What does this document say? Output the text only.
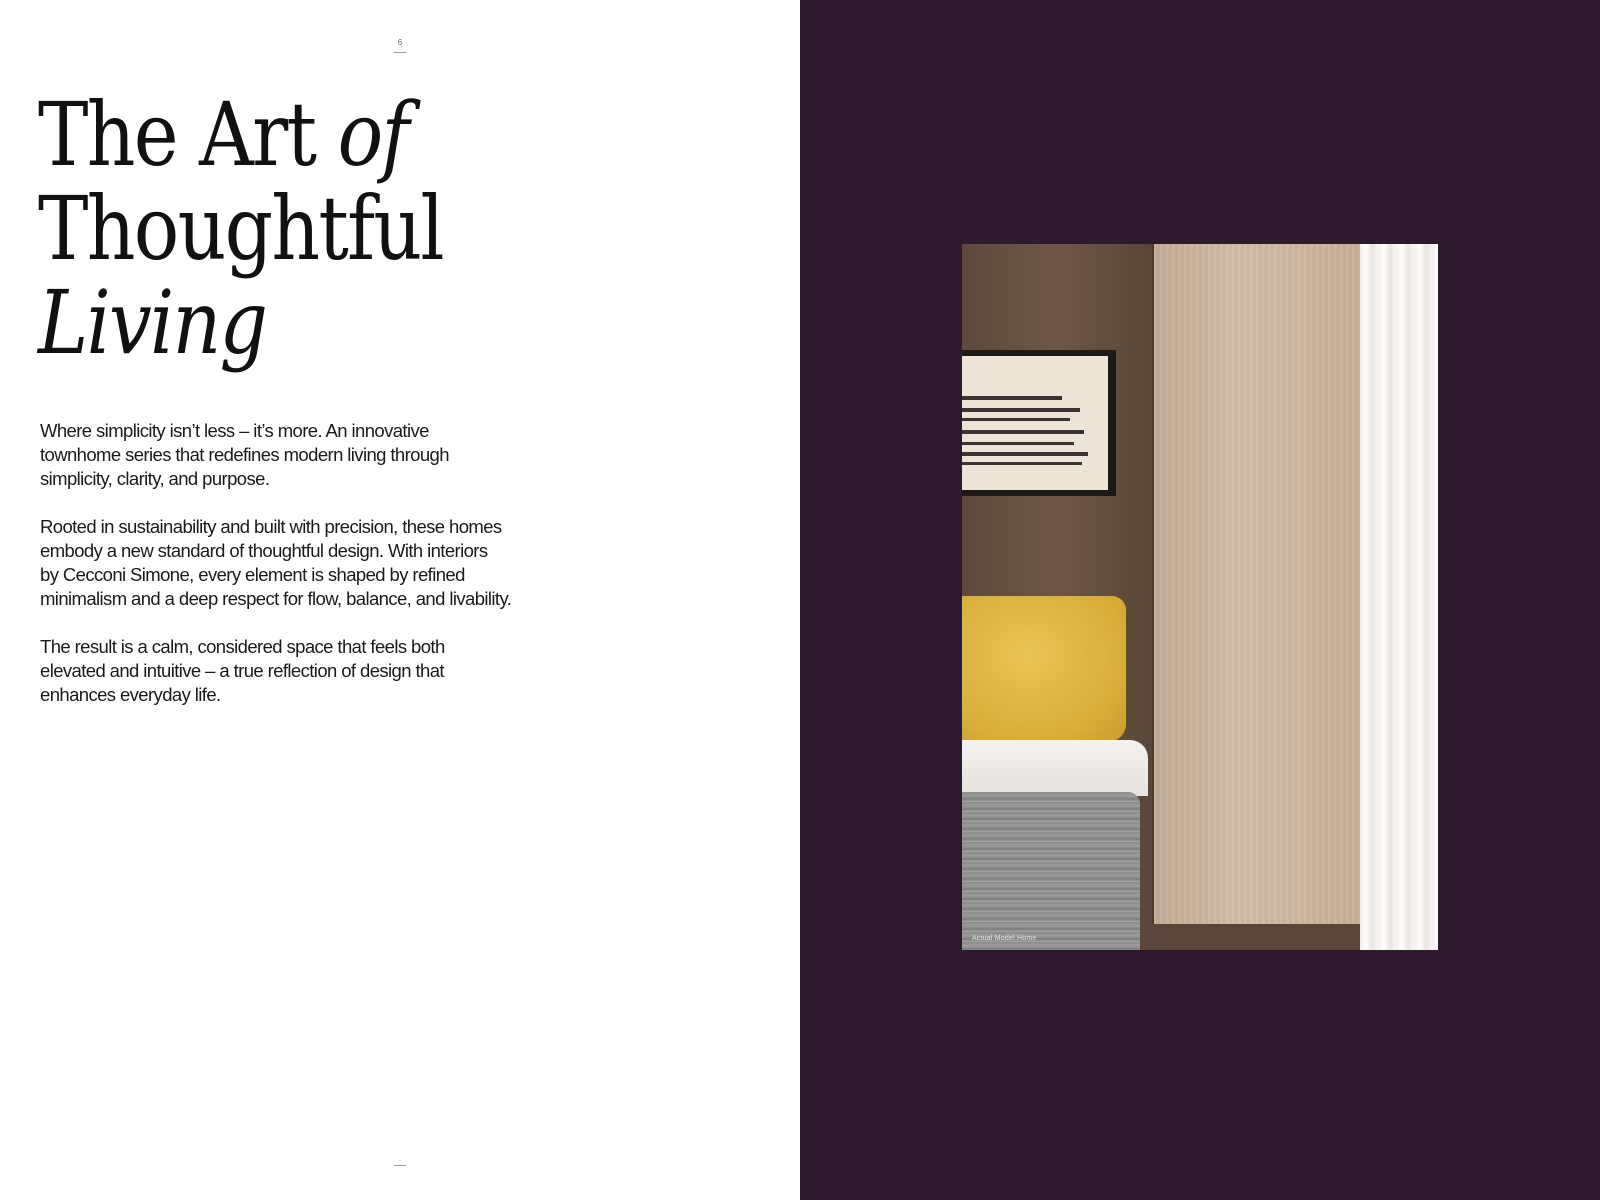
6
The Art of
Thoughtful
Living

Where simplicity isn’t less – it’s more. An innovative
townhome series that redefines modern living through
simplicity, clarity, and purpose.

Rooted in sustainability and built with precision, these homes
embody a new standard of thoughtful design. With interiors
by Cecconi Simone, every element is shaped by refined
minimalism and a deep respect for flow, balance, and livability.

The result is a calm, considered space that feels both
elevated and intuitive – a true reflection of design that
enhances everyday life.

Actual Model Home
